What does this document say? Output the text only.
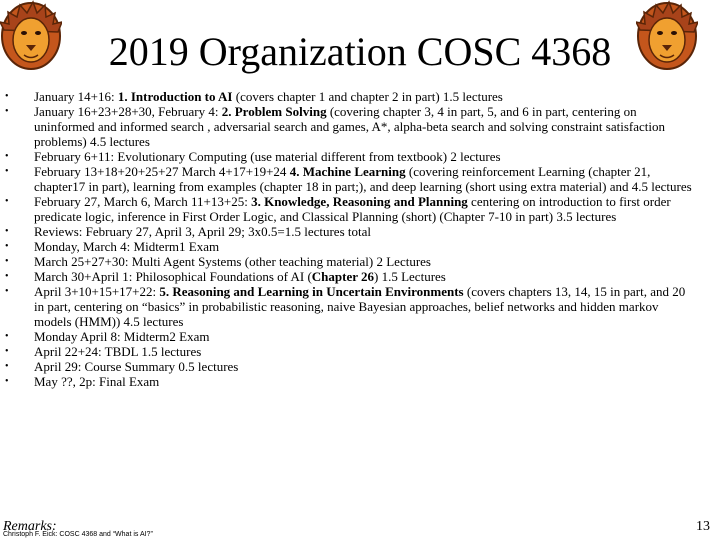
2019 Organization COSC 4368
• January 14+16: 1. Introduction to AI (covers chapter 1 and chapter 2 in part) 1.5 lectures
• January 16+23+28+30, February 4: 2. Problem Solving (covering chapter 3, 4 in part, 5, and 6 in part, centering on uninformed and informed search , adversarial search and games, A*, alpha-beta search and solving constraint satisfaction problems) 4.5 lectures
• February 6+11: Evolutionary Computing (use material different from textbook) 2 lectures
• February 13+18+20+25+27 March 4+17+19+24 4. Machine Learning (covering reinforcement Learning (chapter 21, chapter17 in part), learning from examples (chapter 18 in part;), and deep learning (short using extra material) and 4.5 lectures
• February 27, March 6, March 11+13+25: 3. Knowledge, Reasoning and Planning centering on introduction to first order predicate logic, inference in First Order Logic, and Classical Planning (short) (Chapter 7-10 in part) 3.5 lectures
• Reviews: February 27, April 3, April 29; 3x0.5=1.5 lectures total
• Monday, March 4: Midterm1 Exam
• March 25+27+30: Multi Agent Systems (other teaching material) 2 Lectures
• March 30+April 1: Philosophical Foundations of AI (Chapter 26) 1.5 Lectures
• April 3+10+15+17+22: 5. Reasoning and Learning in Uncertain Environments (covers chapters 13, 14, 15 in part, and 20 in part, centering on “basics” in probabilistic reasoning, naive Bayesian approaches, belief networks and hidden markov models (HMM)) 4.5 lectures
• Monday April 8: Midterm2 Exam
• April 22+24: TBDL 1.5 lectures
• April 29: Course Summary 0.5 lectures
• May ??, 2p: Final Exam
Remarks:
Christoph F. Eick: COSC 4368 and “What is AI?”
13
